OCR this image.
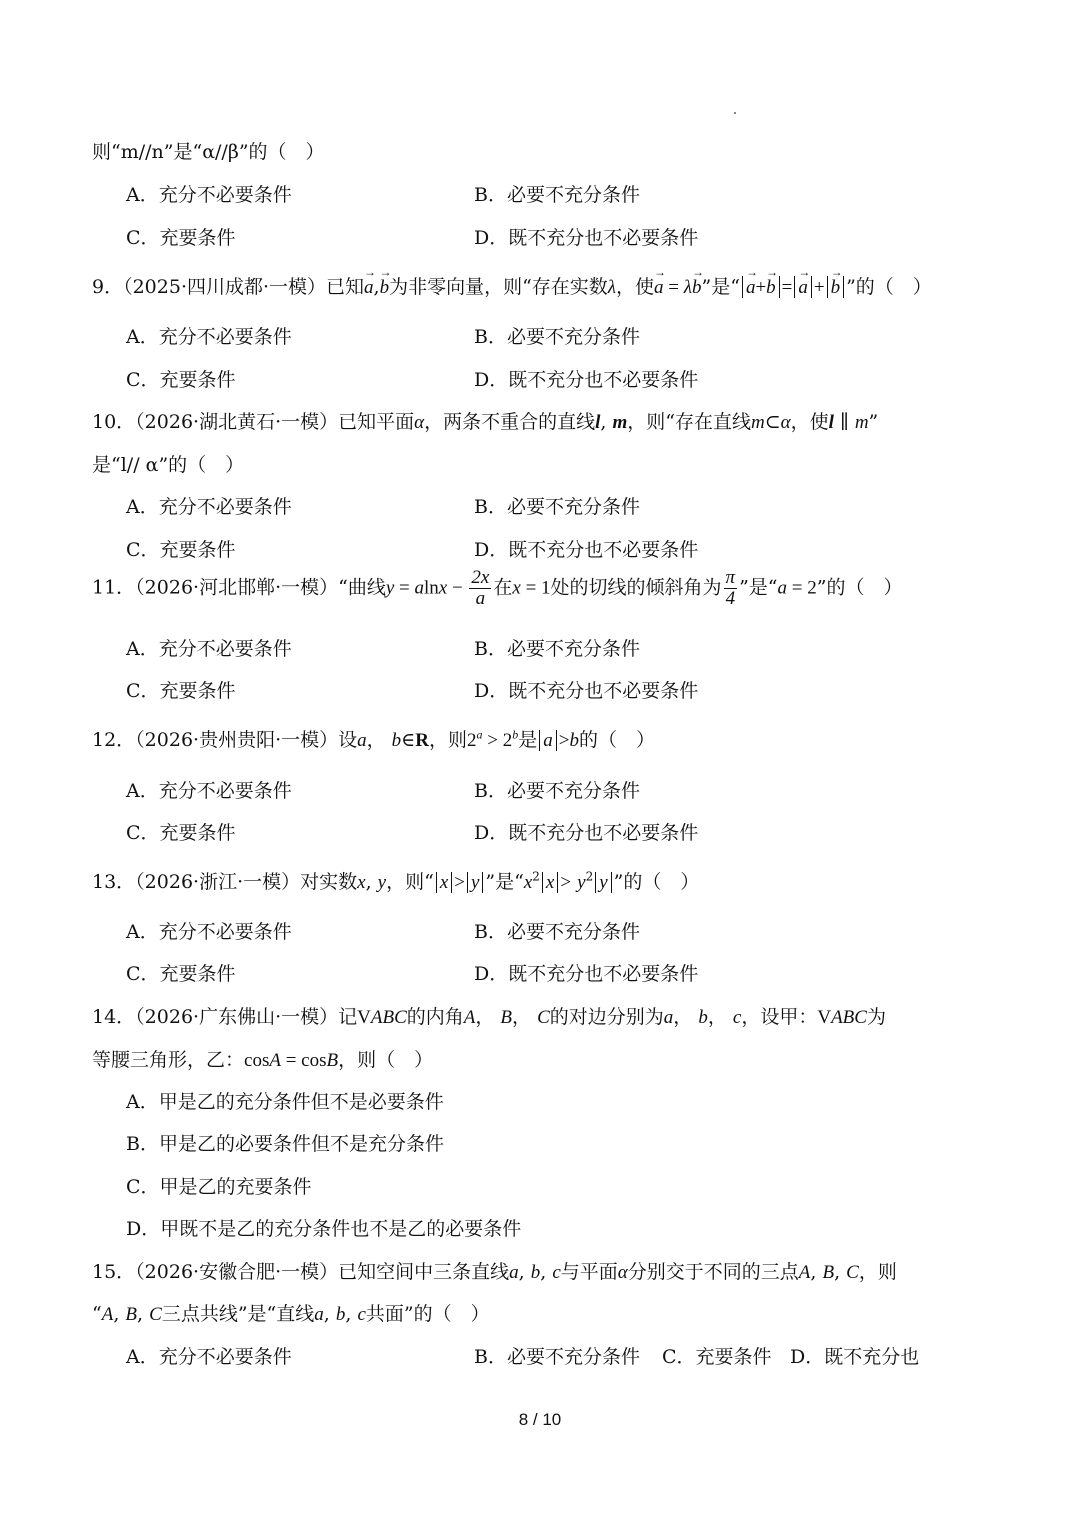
则“m//n”是“α//β”的（　）
A．充分不必要条件	B．必要不充分条件
C．充要条件	D．既不充分也不必要条件
9．（2025·四川成都·一模）已知→ a,→ b为非零向量，则“存在实数λ，使→ a = λ→ b”是“ → a+→ b = → a + → b ”的（　）
A．充分不必要条件	B．必要不充分条件
C．充要条件	D．既不充分也不必要条件
10．（2026·湖北黄石·一模）已知平面α，两条不重合的直线l, m，则“存在直线m⊂α，使l ∥ m”
是“l// α”的（　）
A．充分不必要条件	B．必要不充分条件
C．充要条件	D．既不充分也不必要条件
11．（2026·河北邯郸·一模）“曲线$y = alnx - \frac{2x}{a}$ 在x = 1处的切线的倾斜角为 $\frac{\pi}{4}$ ”是“a = 2”的（　）
A．充分不必要条件	B．必要不充分条件
C．充要条件	D．既不充分也不必要条件
12．（2026·贵州贵阳·一模）设a， b∈R，则$2^a > 2^b$是 a >b的（　）
A．充分不必要条件	B．必要不充分条件
C．充要条件	D．既不充分也不必要条件
13．（2026·浙江·一模）对实数x, y，则“ x > y ”是“$x^2$ $x > y^2$ y ”的（　）
A．充分不必要条件	B．必要不充分条件
C．充要条件	D．既不充分也不必要条件
14．（2026·广东佛山·一模）记VABC的内角A， B， C的对边分别为a， b， c，设甲：VABC为
等腰三角形，乙：cosA = cosB，则（　）
A．甲是乙的充分条件但不是必要条件
B．甲是乙的必要条件但不是充分条件
C．甲是乙的充要条件
D．甲既不是乙的充分条件也不是乙的必要条件
15．（2026·安徽合肥·一模）已知空间中三条直线a, b, c与平面α分别交于不同的三点A, B, C，则
“A, B, C三点共线”是“直线a, b, c共面”的（　）
A．充分不必要条件	B．必要不充分条件 C．充要条件 D．既不充分也
8 / 10
